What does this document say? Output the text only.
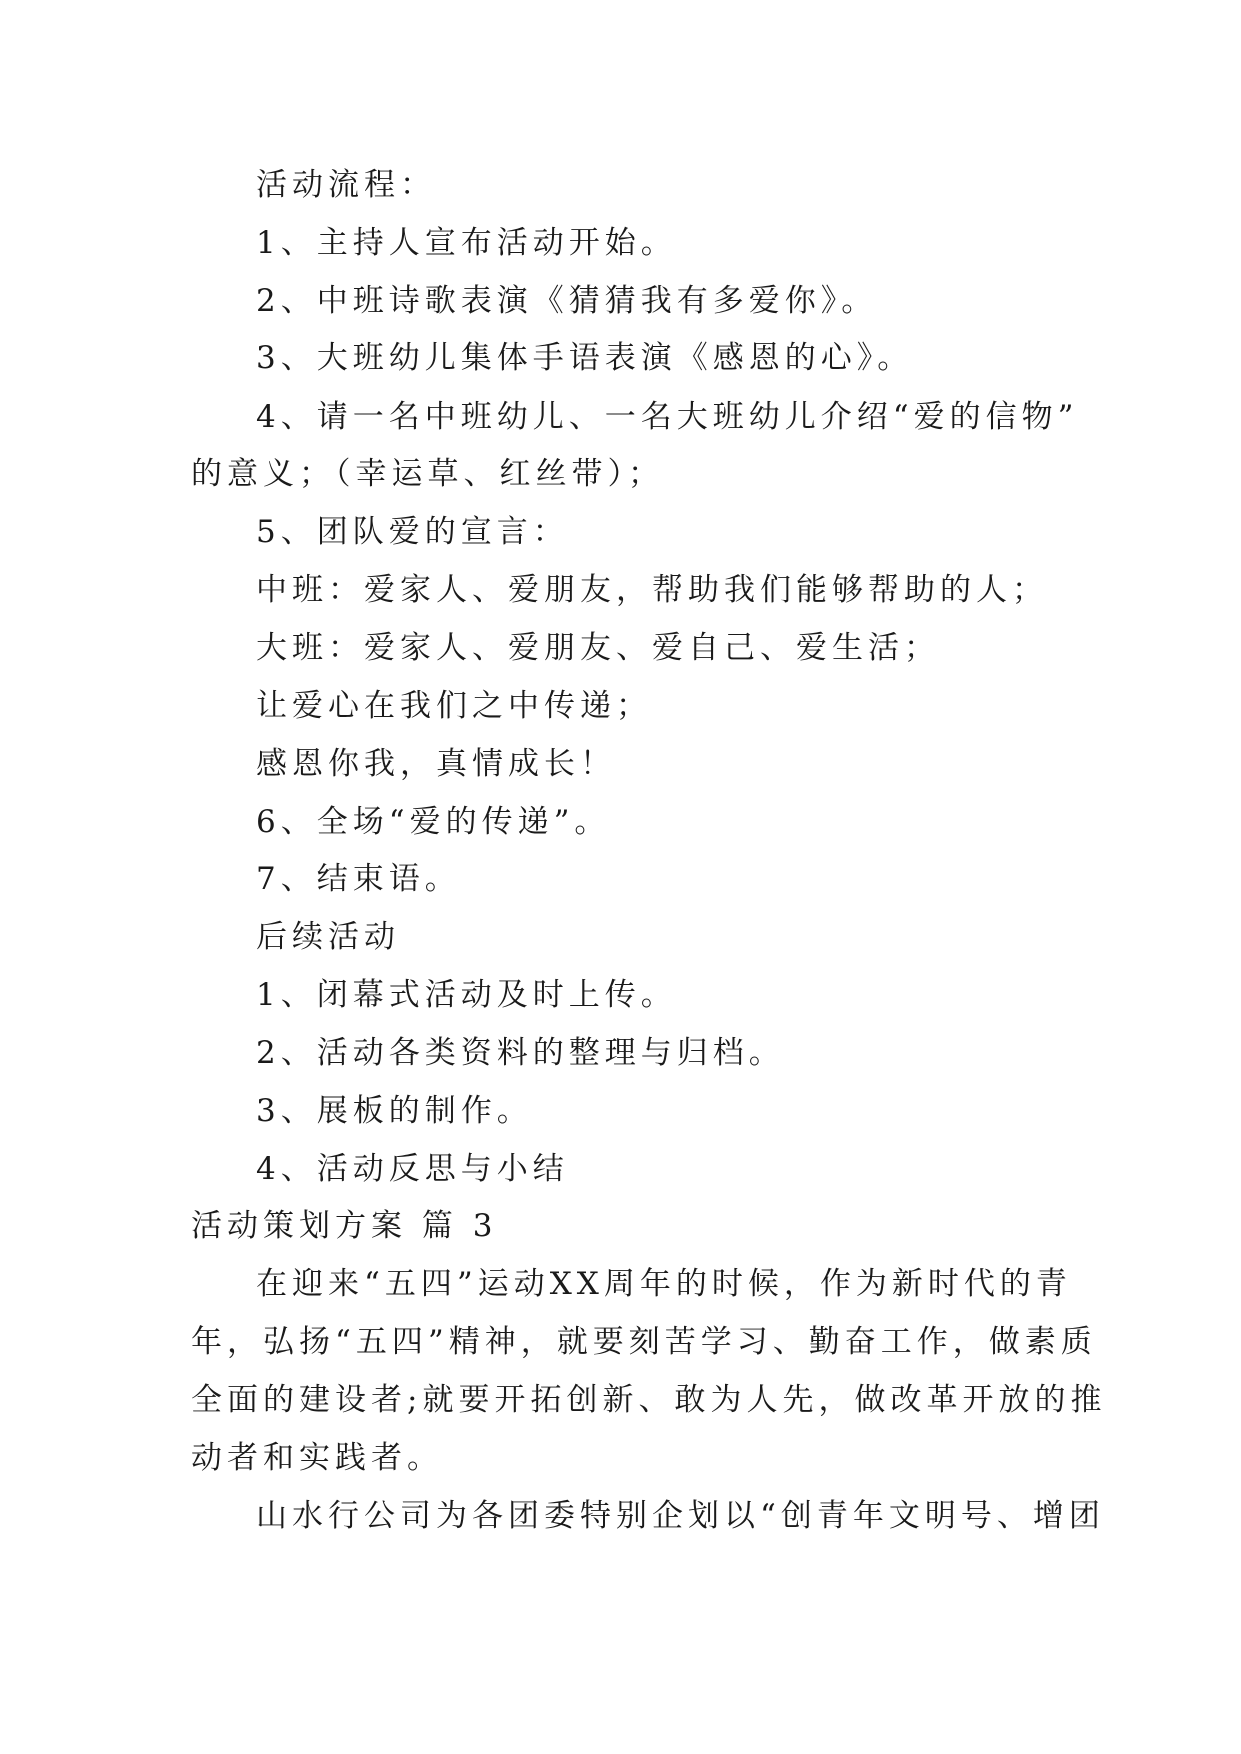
活动流程：
1、主持人宣布活动开始。
2、中班诗歌表演《猜猜我有多爱你》。
3、大班幼儿集体手语表演《感恩的心》。
4、请一名中班幼儿、一名大班幼儿介绍“爱的信物”
的意义；（幸运草、红丝带）；
5、团队爱的宣言：
中班：爱家人、爱朋友，帮助我们能够帮助的人；
大班：爱家人、爱朋友、爱自己、爱生活；
让爱心在我们之中传递；
感恩你我，真情成长！
6、全场“爱的传递”。
7、结束语。
后续活动
1、闭幕式活动及时上传。
2、活动各类资料的整理与归档。
3、展板的制作。
4、活动反思与小结
活动策划方案 篇 3
在迎来“五四”运动XX周年的时候，作为新时代的青
年，弘扬“五四”精神，就要刻苦学习、勤奋工作，做素质
全面的建设者;就要开拓创新、敢为人先，做改革开放的推
动者和实践者。
山水行公司为各团委特别企划以“创青年文明号、增团
